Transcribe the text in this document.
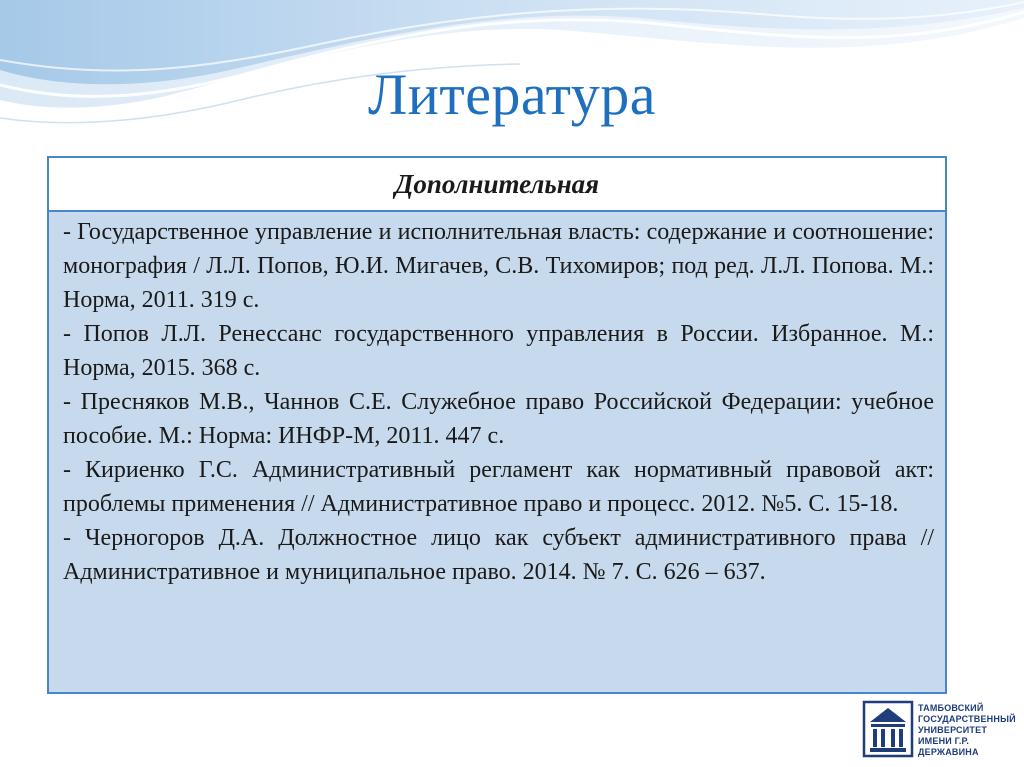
Литература
Дополнительная

- Государственное управление и исполнительная власть: содержание и соотношение: монография / Л.Л. Попов, Ю.И. Мигачев, С.В. Тихомиров; под ред. Л.Л. Попова. М.: Норма, 2011. 319 с.

- Попов Л.Л. Ренессанс государственного управления в России. Избранное. М.: Норма, 2015. 368 с.

- Пресняков М.В., Чаннов С.Е. Служебное право Российской Федерации: учебное пособие. М.: Норма: ИНФР-М, 2011. 447 с.

- Кириенко Г.С. Административный регламент как нормативный правовой акт: проблемы применения // Административное право и процесс. 2012. №5. С. 15-18.

- Черногоров Д.А. Должностное лицо как субъект административного права // Административное и муниципальное право. 2014. № 7. С. 626 – 637.

ТАМБОВСКИЙ
ГОСУДАРСТВЕННЫЙ
УНИВЕРСИТЕТ
ИМЕНИ Г.Р. ДЕРЖАВИНА
